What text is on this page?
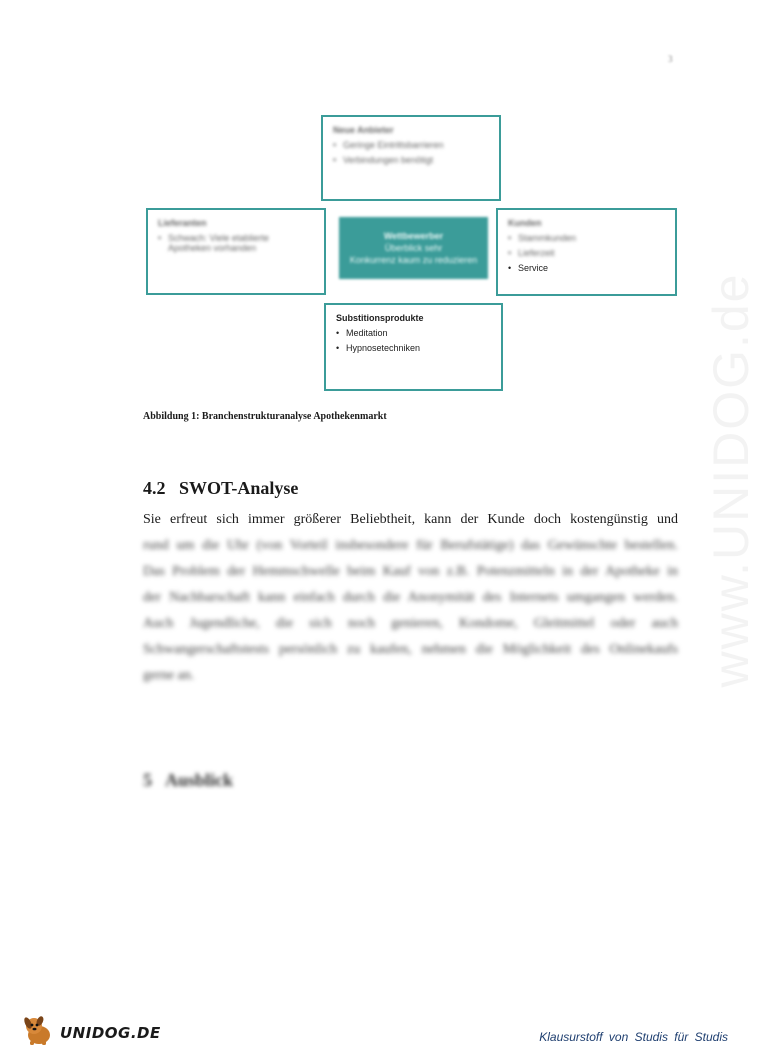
3
www.UNIDOG.de
Neue Anbieter
• Geringe Eintrittsbarrieren
• Verbindungen benötigt
Lieferanten
• Schwach: Viele etablierte Apotheken vorhanden
Wettbewerber
Überblick sehr
Konkurrenz kaum zu reduzieren
Kunden
• Stammkunden
• Lieferzeit
• Service
Substitionsprodukte
• Meditation
• Hypnosetechniken
Abbildung 1: Branchenstrukturanalyse Apothekenmarkt
4.2 SWOT-Analyse

Sie erfreut sich immer größerer Beliebtheit, kann der Kunde doch kostengünstig und
rund um die Uhr (von Vorteil insbesondere für Berufstätige) das Gewünschte bestellen.
Das Problem der Hemmschwelle beim Kauf von z.B. Potenzmitteln in der Apotheke in
der Nachbarschaft kann einfach durch die Anonymität des Internets umgangen werden.
Auch Jugendliche, die sich noch genieren, Kondome, Gleitmittel oder auch
Schwangerschaftstests persönlich zu kaufen, nehmen die Möglichkeit des Onlinekaufs
gerne an.

5 Ausblick
UNIDOG.DE	Klausurstoff von Studis für Studis
